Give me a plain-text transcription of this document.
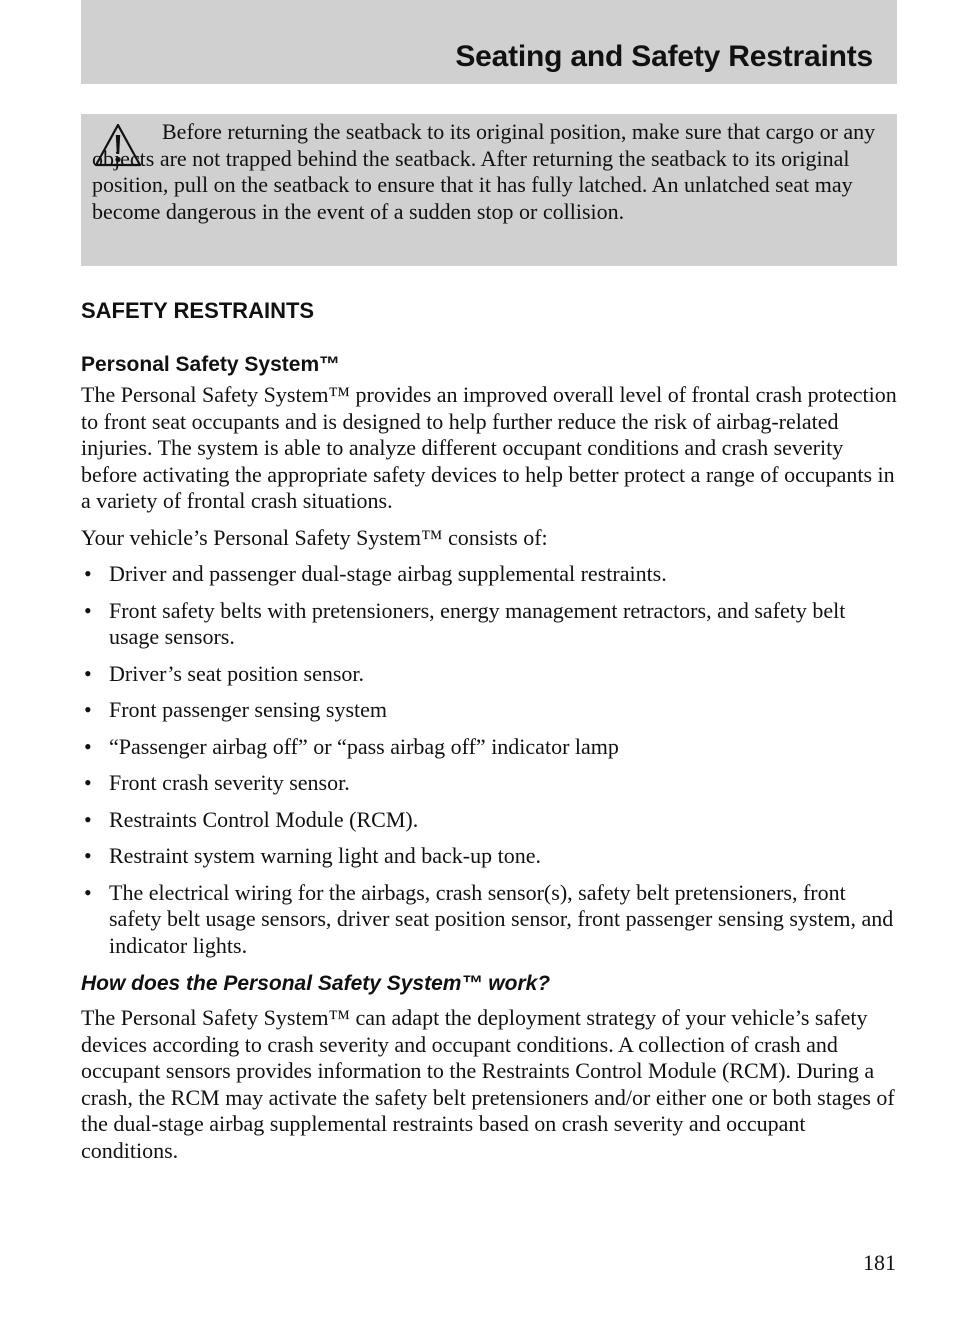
Seating and Safety Restraints

Before returning the seatback to its original position, make sure that cargo or any objects are not trapped behind the seatback. After returning the seatback to its original position, pull on the seatback to ensure that it has fully latched. An unlatched seat may become dangerous in the event of a sudden stop or collision.

SAFETY RESTRAINTS
Personal Safety System™

The Personal Safety System™ provides an improved overall level of frontal crash protection to front seat occupants and is designed to help further reduce the risk of airbag-related injuries. The system is able to analyze different occupant conditions and crash severity before activating the appropriate safety devices to help better protect a range of occupants in a variety of frontal crash situations.

Your vehicle’s Personal Safety System™ consists of:

• Driver and passenger dual-stage airbag supplemental restraints.
• Front safety belts with pretensioners, energy management retractors, and safety belt usage sensors.
• Driver’s seat position sensor.
• Front passenger sensing system
• “Passenger airbag off” or “pass airbag off” indicator lamp
• Front crash severity sensor.
• Restraints Control Module (RCM).
• Restraint system warning light and back-up tone.
• The electrical wiring for the airbags, crash sensor(s), safety belt pretensioners, front safety belt usage sensors, driver seat position sensor, front passenger sensing system, and indicator lights.
How does the Personal Safety System™ work?

The Personal Safety System™ can adapt the deployment strategy of your vehicle’s safety devices according to crash severity and occupant conditions. A collection of crash and occupant sensors provides information to the Restraints Control Module (RCM). During a crash, the RCM may activate the safety belt pretensioners and/or either one or both stages of the dual-stage airbag supplemental restraints based on crash severity and occupant conditions.

181
